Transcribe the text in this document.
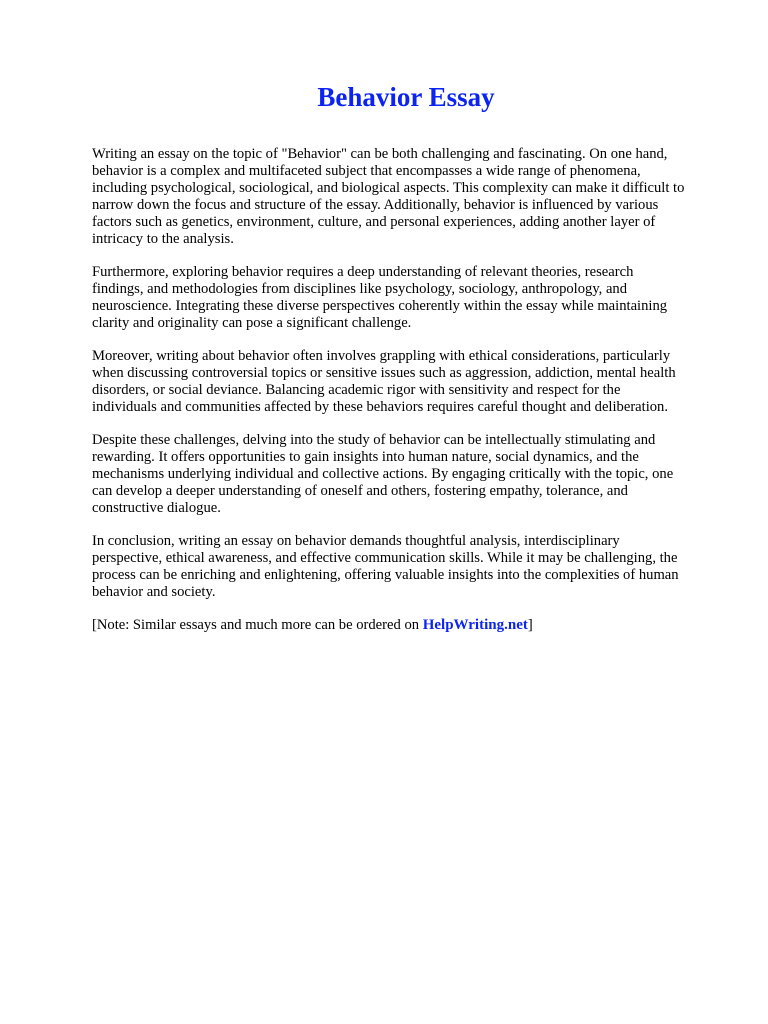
Behavior Essay

Writing an essay on the topic of "Behavior" can be both challenging and fascinating. On one hand,
behavior is a complex and multifaceted subject that encompasses a wide range of phenomena,
including psychological, sociological, and biological aspects. This complexity can make it difficult to
narrow down the focus and structure of the essay. Additionally, behavior is influenced by various
factors such as genetics, environment, culture, and personal experiences, adding another layer of
intricacy to the analysis.

Furthermore, exploring behavior requires a deep understanding of relevant theories, research
findings, and methodologies from disciplines like psychology, sociology, anthropology, and
neuroscience. Integrating these diverse perspectives coherently within the essay while maintaining
clarity and originality can pose a significant challenge.

Moreover, writing about behavior often involves grappling with ethical considerations, particularly
when discussing controversial topics or sensitive issues such as aggression, addiction, mental health
disorders, or social deviance. Balancing academic rigor with sensitivity and respect for the
individuals and communities affected by these behaviors requires careful thought and deliberation.

Despite these challenges, delving into the study of behavior can be intellectually stimulating and
rewarding. It offers opportunities to gain insights into human nature, social dynamics, and the
mechanisms underlying individual and collective actions. By engaging critically with the topic, one
can develop a deeper understanding of oneself and others, fostering empathy, tolerance, and
constructive dialogue.

In conclusion, writing an essay on behavior demands thoughtful analysis, interdisciplinary
perspective, ethical awareness, and effective communication skills. While it may be challenging, the
process can be enriching and enlightening, offering valuable insights into the complexities of human
behavior and society.

[Note: Similar essays and much more can be ordered on HelpWriting.net]
